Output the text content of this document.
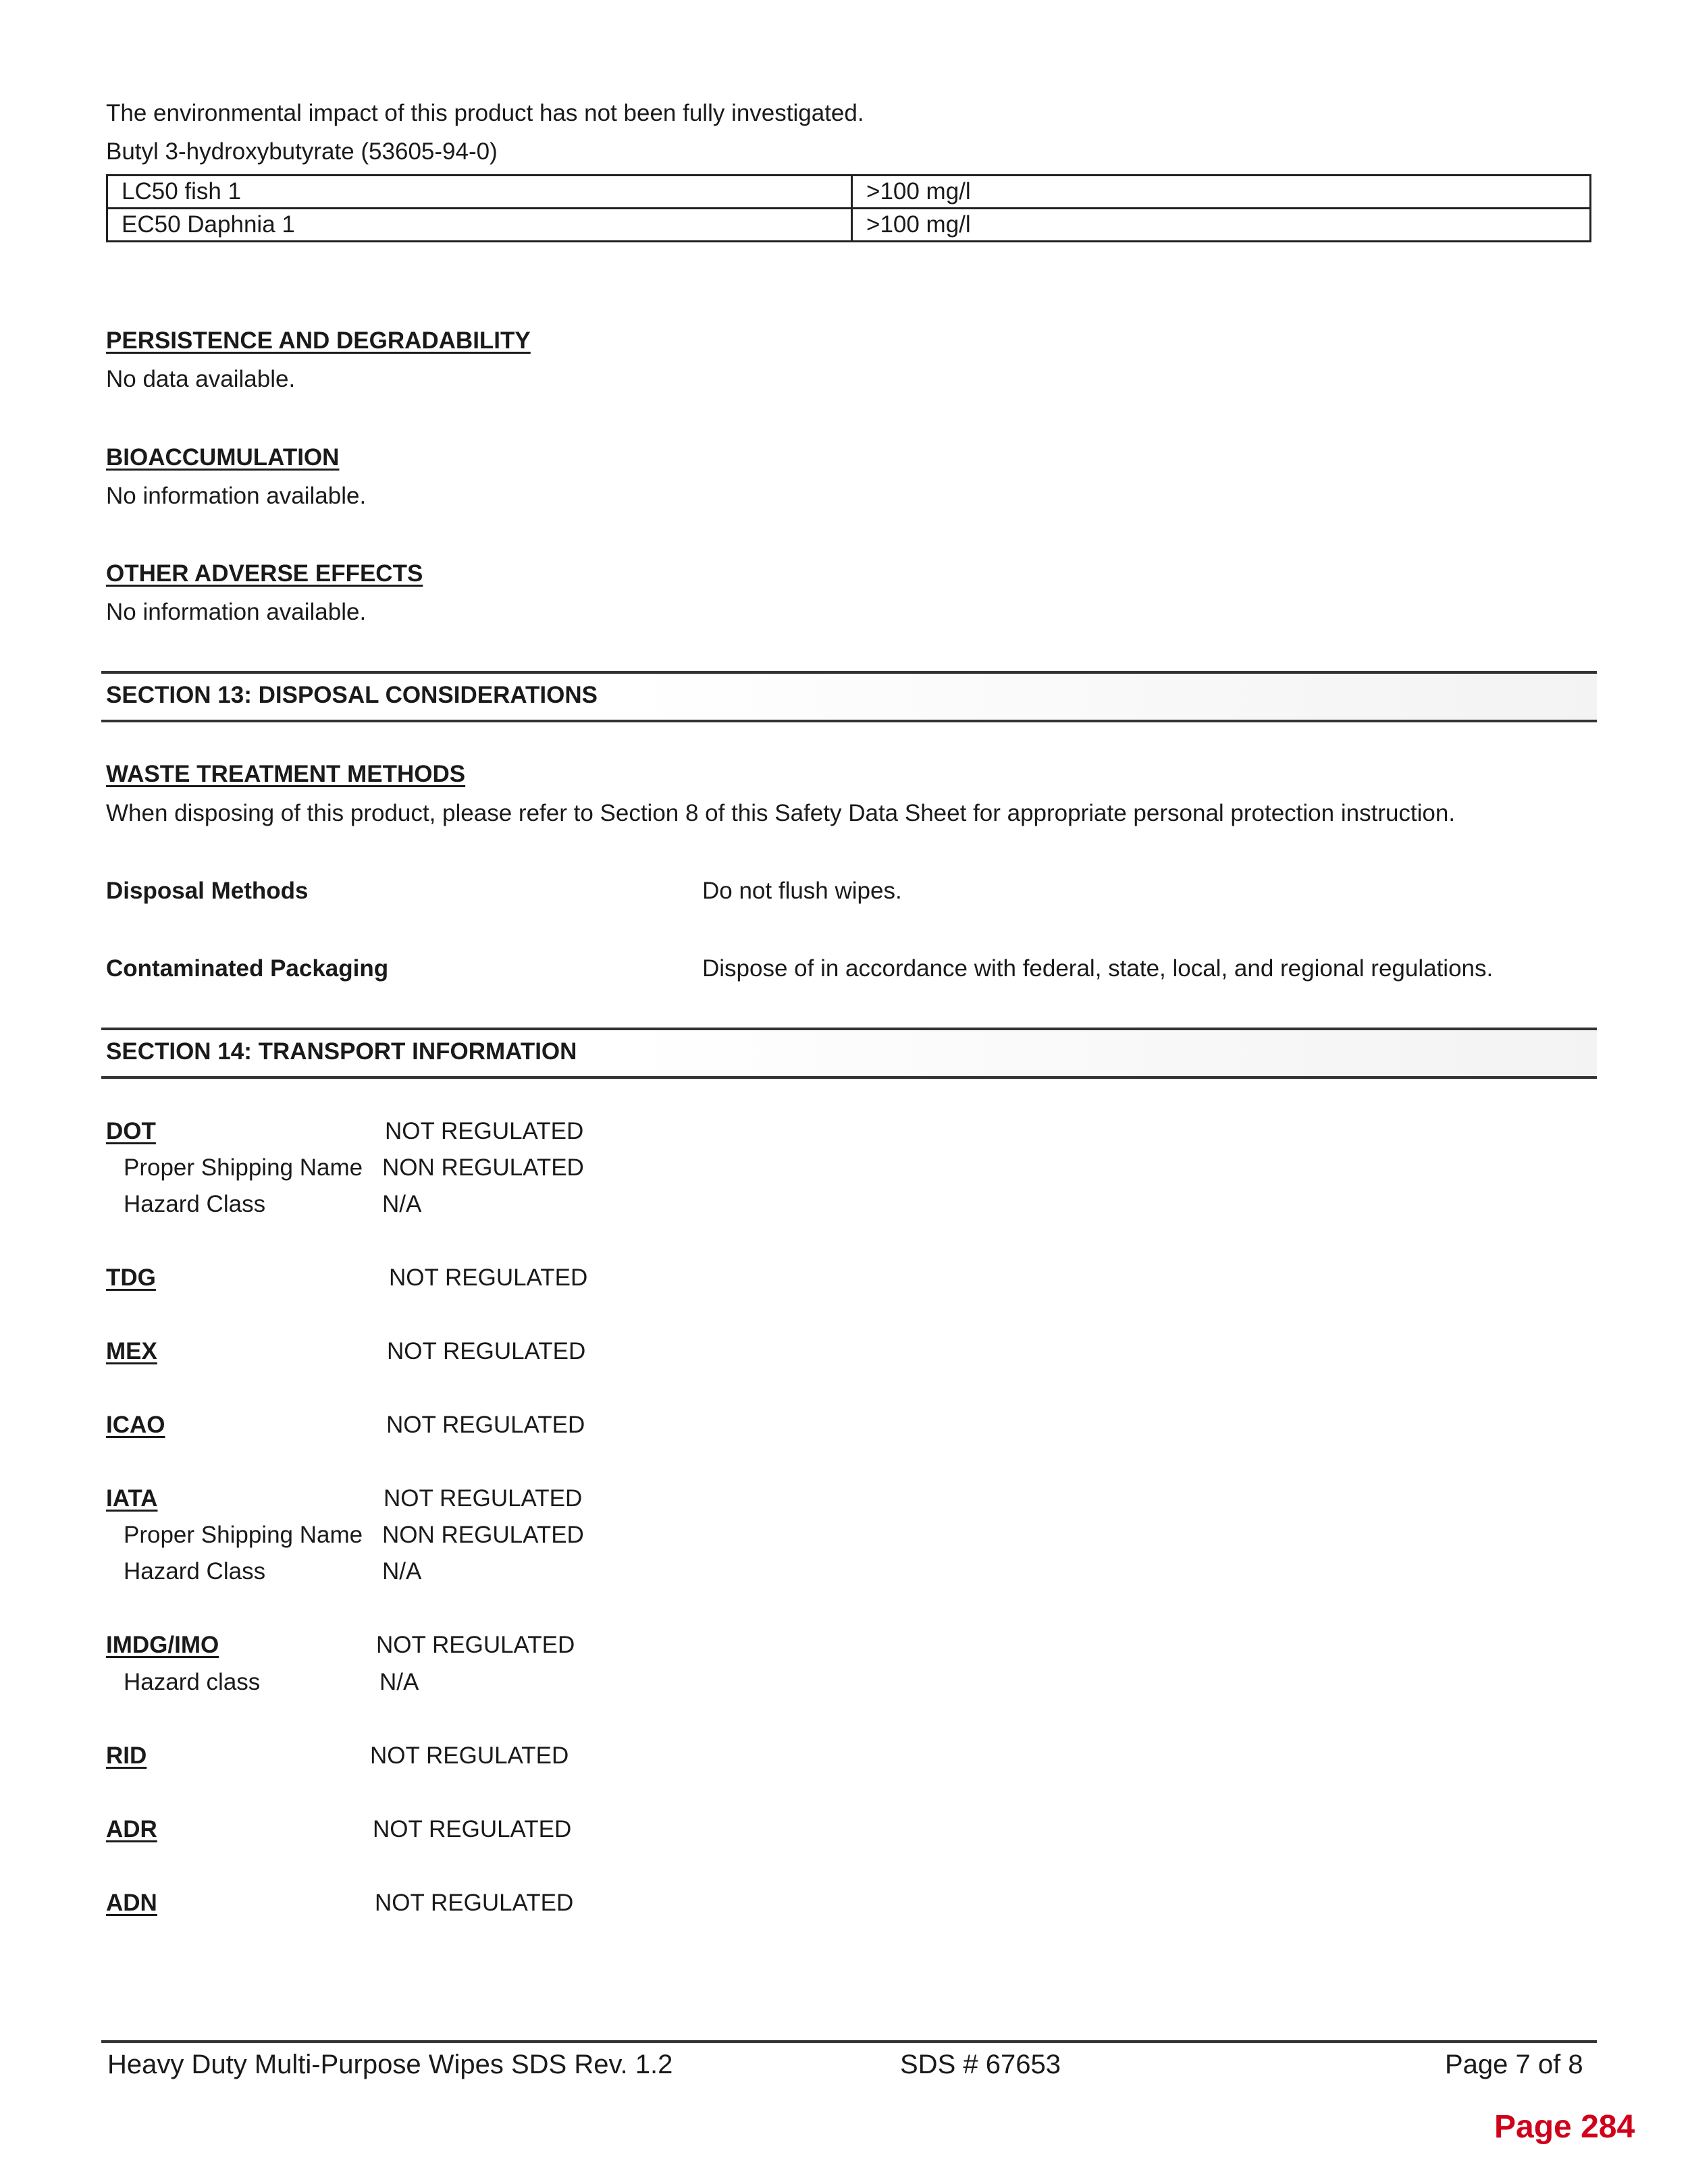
The environmental impact of this product has not been fully investigated.
Butyl 3-hydroxybutyrate (53605-94-0)
LC50 fish 1	>100 mg/l
EC50 Daphnia 1	>100 mg/l
PERSISTENCE AND DEGRADABILITY
No data available.
BIOACCUMULATION
No information available.
OTHER ADVERSE EFFECTS
No information available.
SECTION 13: DISPOSAL CONSIDERATIONS
WASTE TREATMENT METHODS
When disposing of this product, please refer to Section 8 of this Safety Data Sheet for appropriate personal protection instruction.
Disposal Methods	Do not flush wipes.
Contaminated Packaging	Dispose of in accordance with federal, state, local, and regional regulations.
SECTION 14: TRANSPORT INFORMATION
DOT	NOT REGULATED
Proper Shipping Name NON REGULATED
Hazard Class	N/A
TDG	NOT REGULATED
MEX	NOT REGULATED
ICAO	NOT REGULATED
IATA	NOT REGULATED
Proper Shipping Name NON REGULATED
Hazard Class	N/A
IMDG/IMO	NOT REGULATED
Hazard class	N/A
RID	NOT REGULATED
ADR	NOT REGULATED
ADN	NOT REGULATED
Heavy Duty Multi-Purpose Wipes SDS Rev. 1.2	SDS # 67653	Page 7 of 8
Page 284
